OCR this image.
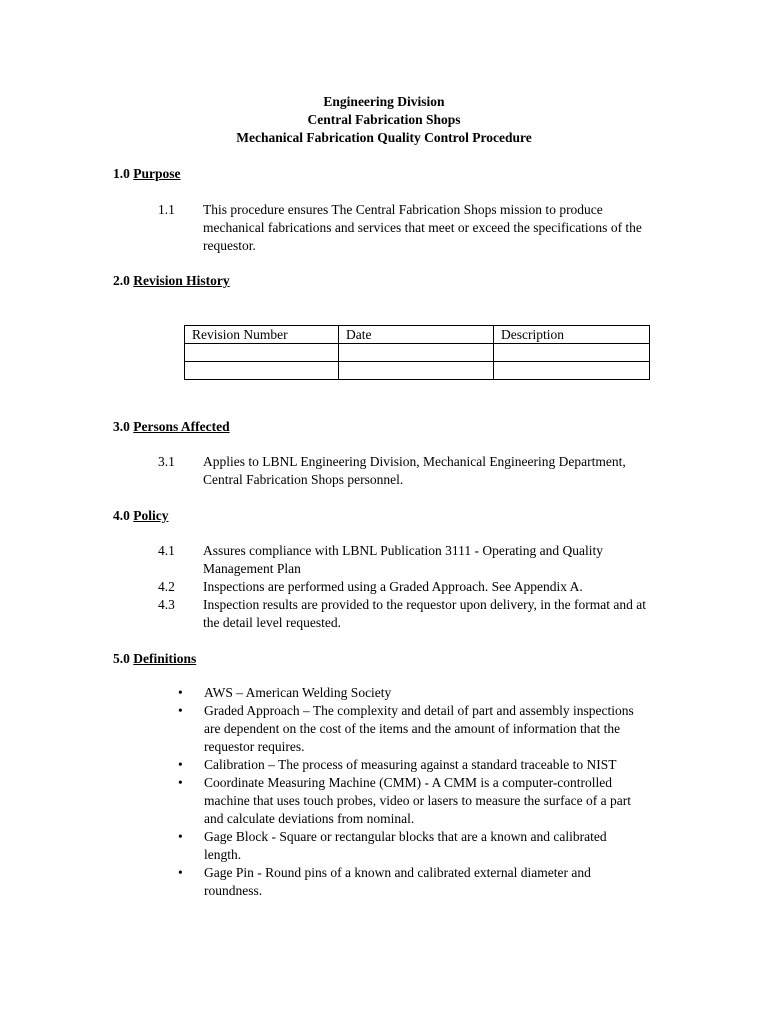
Engineering Division
Central Fabrication Shops
Mechanical Fabrication Quality Control Procedure
1.0 Purpose
1.1 This procedure ensures The Central Fabrication Shops mission to produce mechanical fabrications and services that meet or exceed the specifications of the requestor.
2.0 Revision History
Revision Number	Date	Description

3.0 Persons Affected
3.1 Applies to LBNL Engineering Division, Mechanical Engineering Department, Central Fabrication Shops personnel.
4.0 Policy
4.1 Assures compliance with LBNL Publication 3111 - Operating and Quality Management Plan
4.2 Inspections are performed using a Graded Approach. See Appendix A.
4.3 Inspection results are provided to the requestor upon delivery, in the format and at the detail level requested.
5.0 Definitions
• AWS – American Welding Society
• Graded Approach – The complexity and detail of part and assembly inspections are dependent on the cost of the items and the amount of information that the requestor requires.
• Calibration – The process of measuring against a standard traceable to NIST
• Coordinate Measuring Machine (CMM) - A CMM is a computer-controlled machine that uses touch probes, video or lasers to measure the surface of a part and calculate deviations from nominal.
• Gage Block - Square or rectangular blocks that are a known and calibrated length.
• Gage Pin - Round pins of a known and calibrated external diameter and roundness.
